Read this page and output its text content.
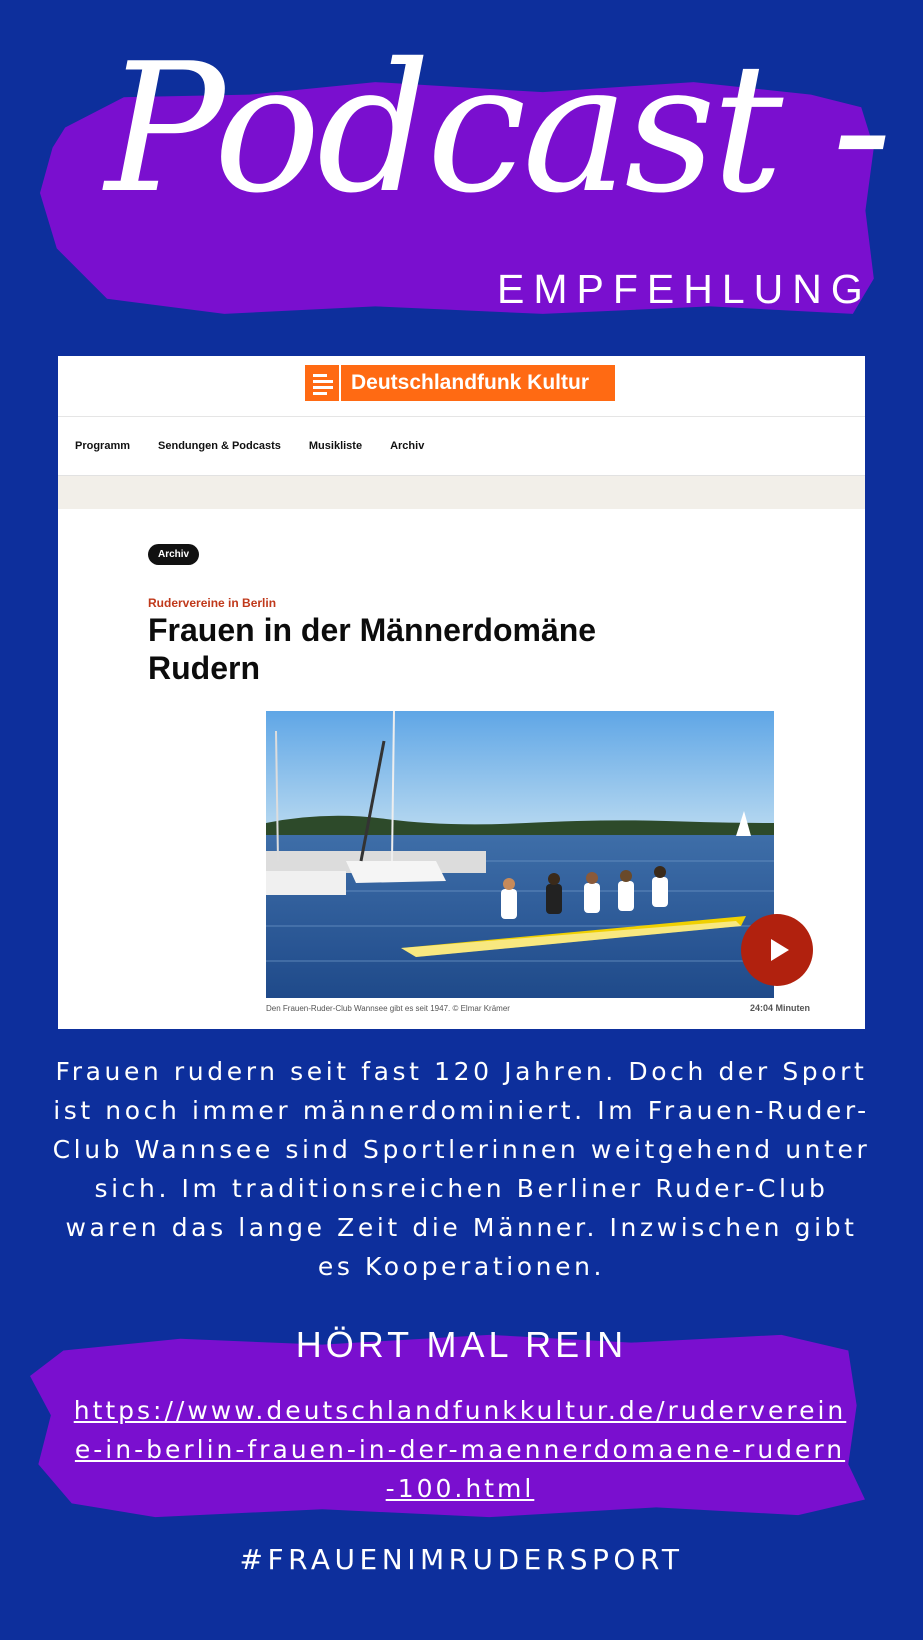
Podcast -
EMPFEHLUNG
Deutschlandfunk Kultur
Programm	Sendungen & Podcasts	Musikliste	Archiv
Archiv
Rudervereine in Berlin
Frauen in der Männerdomäne Rudern
Den Frauen-Ruder-Club Wannsee gibt es seit 1947. © Elmar Krämer	24:04 Minuten
Frauen rudern seit fast 120 Jahren. Doch der Sport ist noch immer männerdominiert. Im Frauen-Ruder-Club Wannsee sind Sportlerinnen weitgehend unter sich. Im traditionsreichen Berliner Ruder-Club waren das lange Zeit die Männer. Inzwischen gibt es Kooperationen.
HÖRT MAL REIN
https://www.deutschlandfunkkultur.de/rudervereine-in-berlin-frauen-in-der-maennerdomaene-rudern-100.html
#FRAUENIMRUDERSPORT
